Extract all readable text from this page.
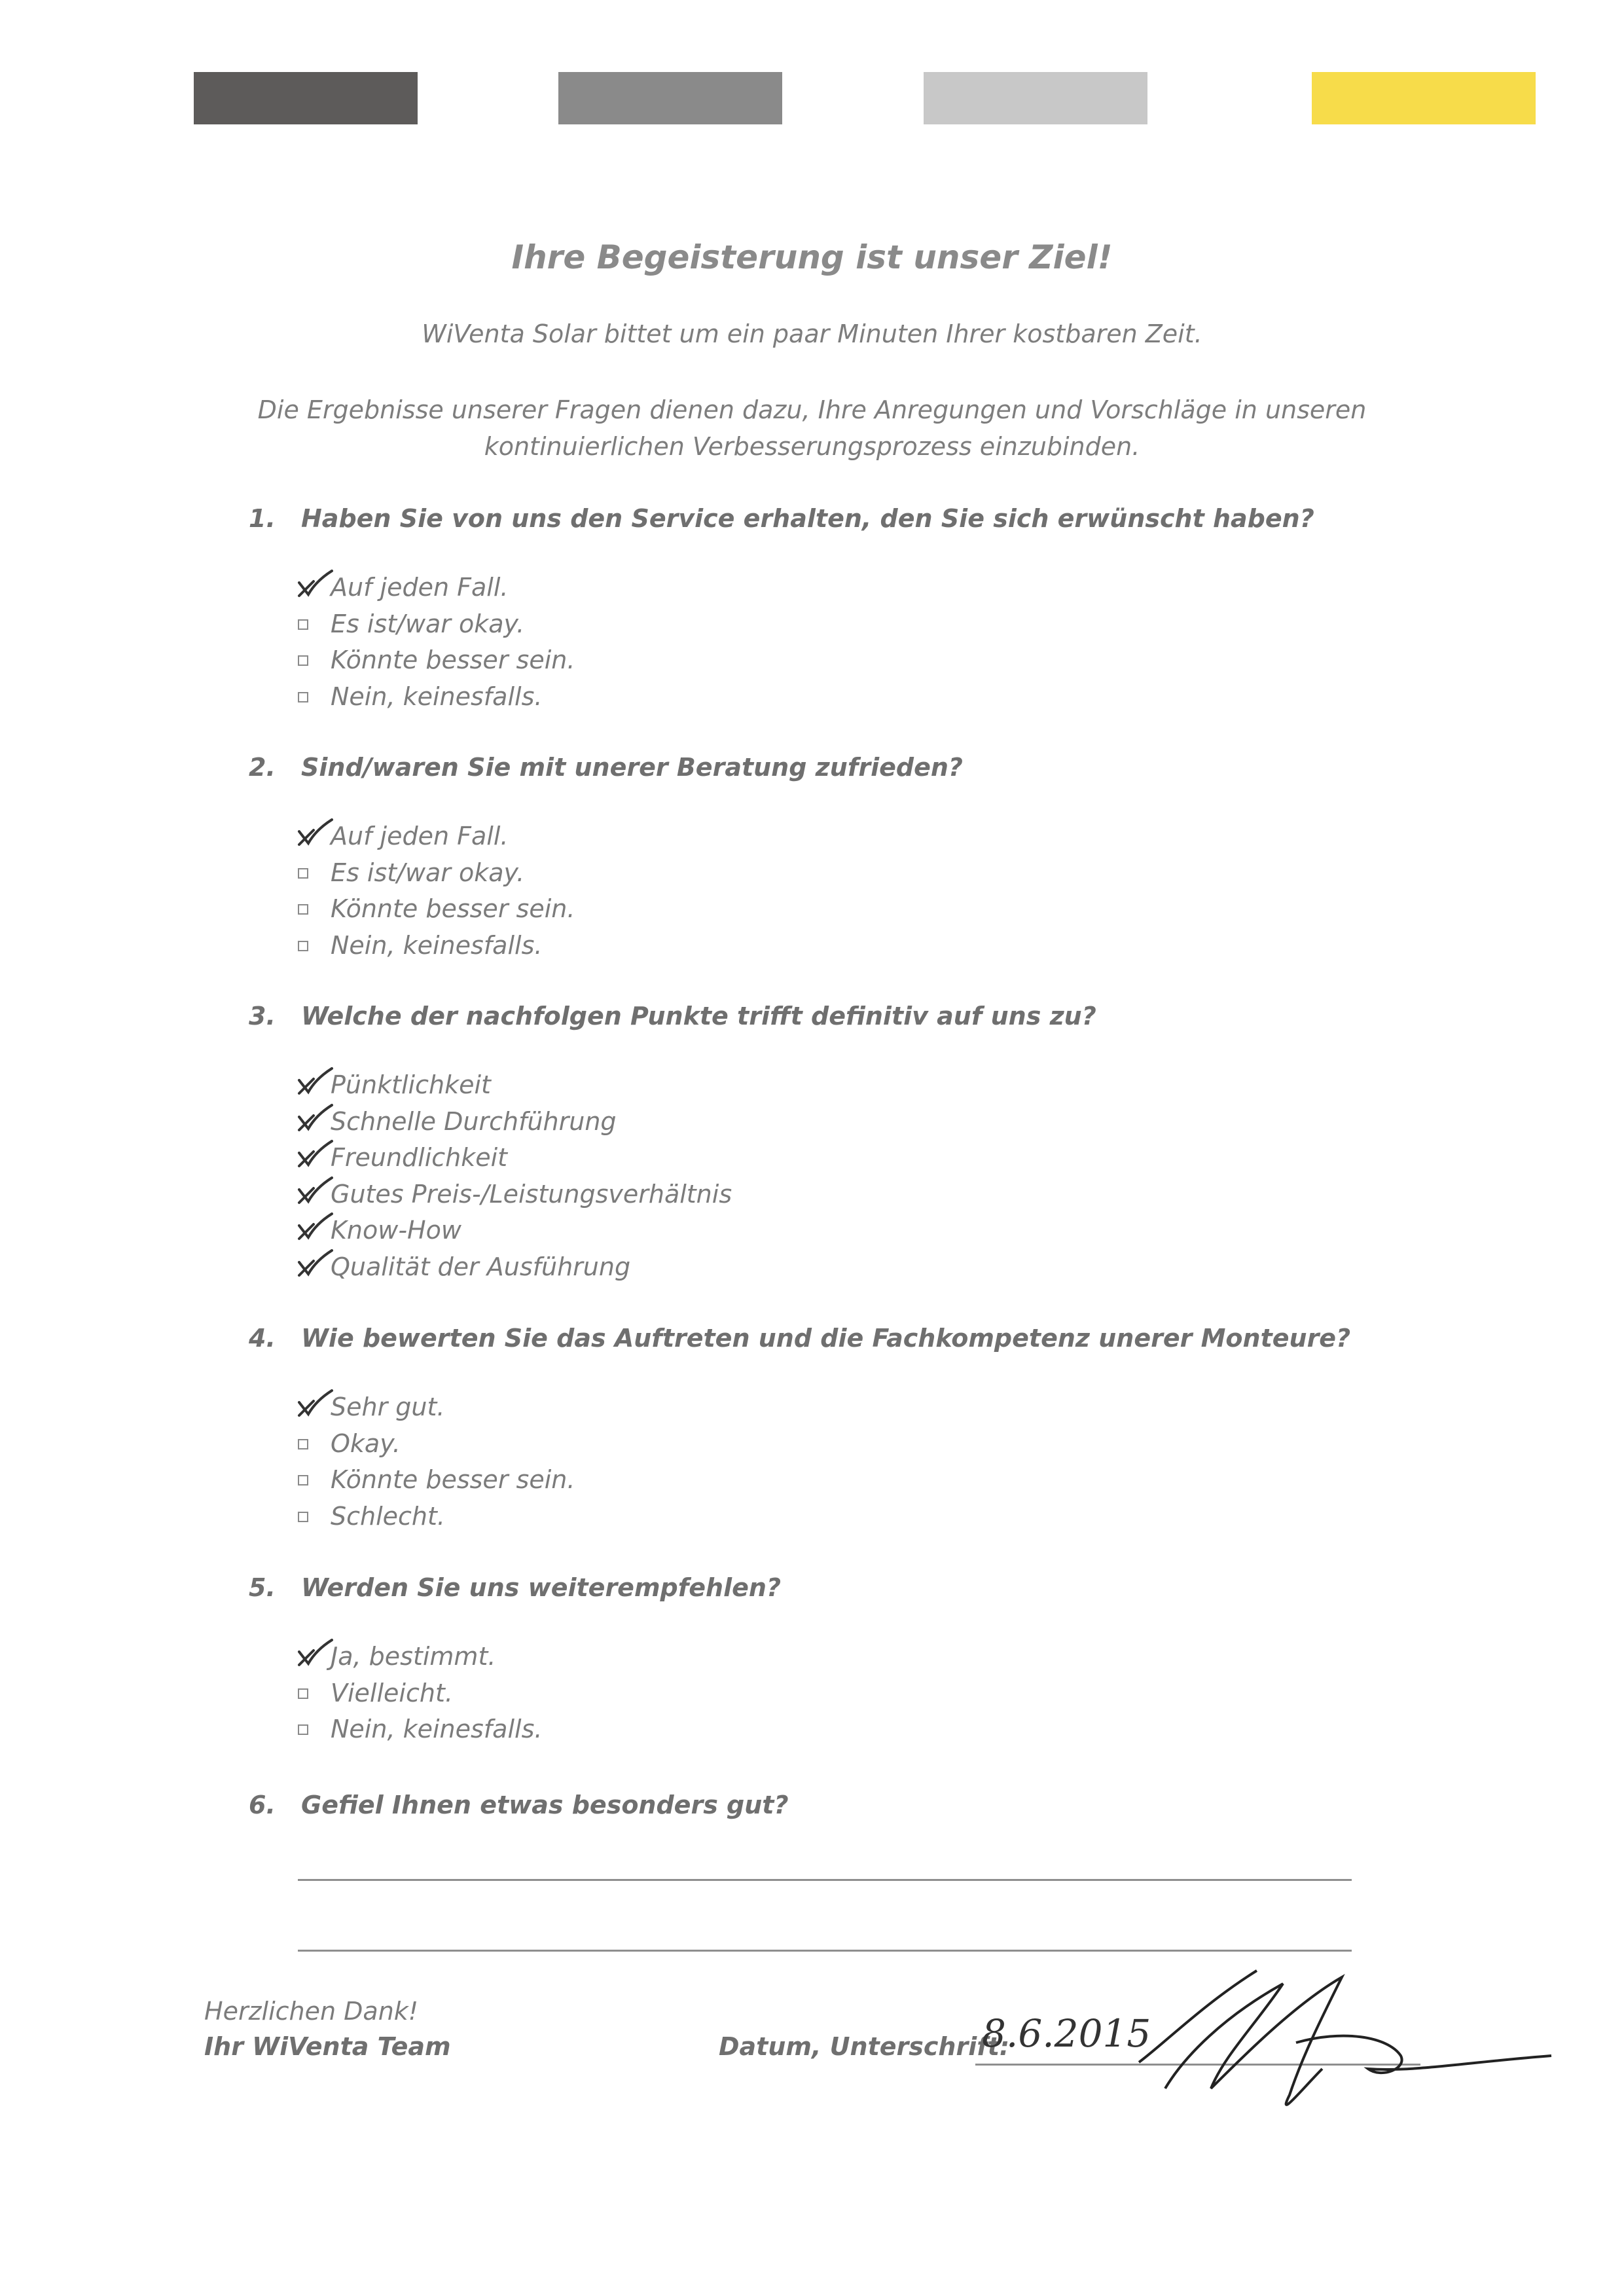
Ihre Begeisterung ist unser Ziel!
WiVenta Solar bittet um ein paar Minuten Ihrer kostbaren Zeit.
Die Ergebnisse unserer Fragen dienen dazu, Ihre Anregungen und Vorschläge in unseren
kontinuierlichen Verbesserungsprozess einzubinden.
1. Haben Sie von uns den Service erhalten, den Sie sich erwünscht haben?
Auf jeden Fall.
Es ist/war okay.
Könnte besser sein.
Nein, keinesfalls.
2. Sind/waren Sie mit unerer Beratung zufrieden?
Auf jeden Fall.
Es ist/war okay.
Könnte besser sein.
Nein, keinesfalls.
3. Welche der nachfolgen Punkte trifft definitiv auf uns zu?
Pünktlichkeit
Schnelle Durchführung
Freundlichkeit
Gutes Preis-/Leistungsverhältnis
Know-How
Qualität der Ausführung
4. Wie bewerten Sie das Auftreten und die Fachkompetenz unerer Monteure?
Sehr gut.
Okay.
Könnte besser sein.
Schlecht.
5. Werden Sie uns weiterempfehlen?
Ja, bestimmt.
Vielleicht.
Nein, keinesfalls.
6. Gefiel Ihnen etwas besonders gut?
Herzlichen Dank!
Ihr WiVenta Team	Datum, Unterschrift:
8.6.2015
